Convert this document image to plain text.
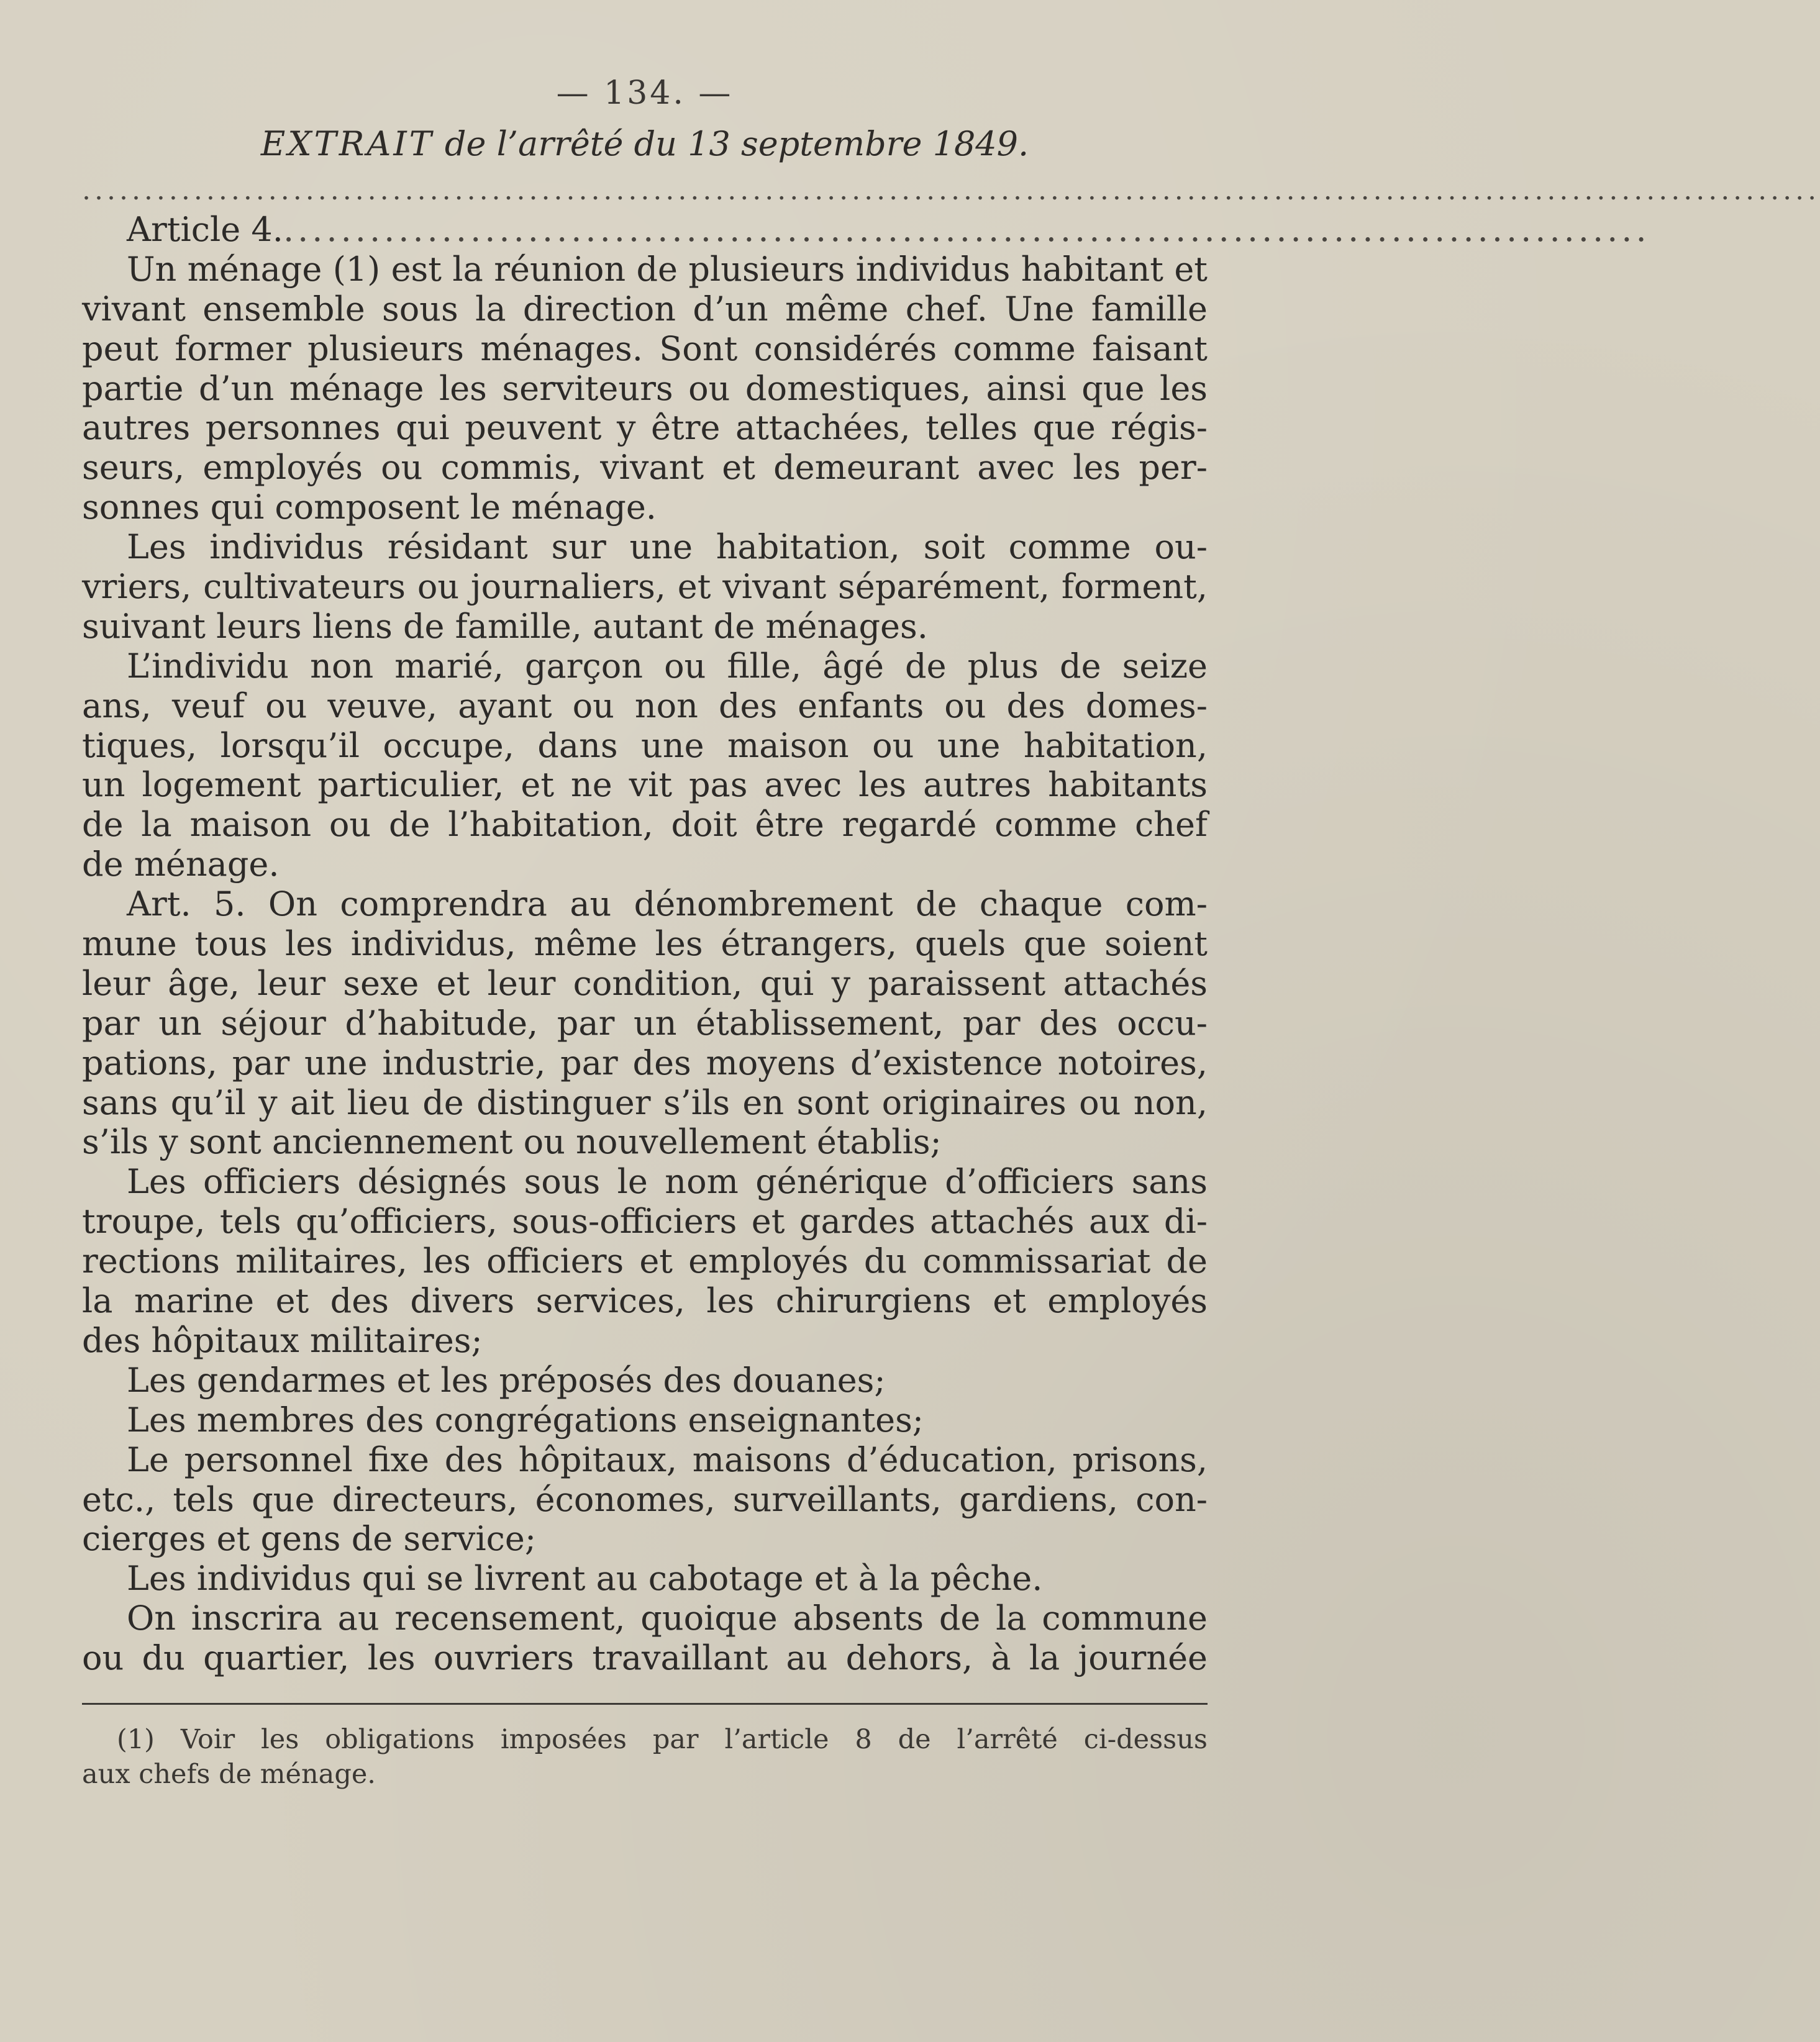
— 134. —
EXTRAIT de l’arrêté du 13 septembre 1849.
............................................................................................................................................
Article 4................................................................................................
Un ménage (1) est la réunion de plusieurs individus habitant et
vivant ensemble sous la direction d’un même chef. Une famille
peut former plusieurs ménages. Sont considérés comme faisant
partie d’un ménage les serviteurs ou domestiques, ainsi que les
autres personnes qui peuvent y être attachées, telles que régis-
seurs, employés ou commis, vivant et demeurant avec les per-
sonnes qui composent le ménage.
Les individus résidant sur une habitation, soit comme ou-
vriers, cultivateurs ou journaliers, et vivant séparément, forment,
suivant leurs liens de famille, autant de ménages.
L’individu non marié, garçon ou fille, âgé de plus de seize
ans, veuf ou veuve, ayant ou non des enfants ou des domes-
tiques, lorsqu’il occupe, dans une maison ou une habitation,
un logement particulier, et ne vit pas avec les autres habitants
de la maison ou de l’habitation, doit être regardé comme chef
de ménage.
Art. 5. On comprendra au dénombrement de chaque com-
mune tous les individus, même les étrangers, quels que soient
leur âge, leur sexe et leur condition, qui y paraissent attachés
par un séjour d’habitude, par un établissement, par des occu-
pations, par une industrie, par des moyens d’existence notoires,
sans qu’il y ait lieu de distinguer s’ils en sont originaires ou non,
s’ils y sont anciennement ou nouvellement établis;
Les officiers désignés sous le nom générique d’officiers sans
troupe, tels qu’officiers, sous-officiers et gardes attachés aux di-
rections militaires, les officiers et employés du commissariat de
la marine et des divers services, les chirurgiens et employés
des hôpitaux militaires;
Les gendarmes et les préposés des douanes;
Les membres des congrégations enseignantes;
Le personnel fixe des hôpitaux, maisons d’éducation, prisons,
etc., tels que directeurs, économes, surveillants, gardiens, con-
cierges et gens de service;
Les individus qui se livrent au cabotage et à la pêche.
On inscrira au recensement, quoique absents de la commune
ou du quartier, les ouvriers travaillant au dehors, à la journée
(1) Voir les obligations imposées par l’article 8 de l’arrêté ci-dessus
aux chefs de ménage.
